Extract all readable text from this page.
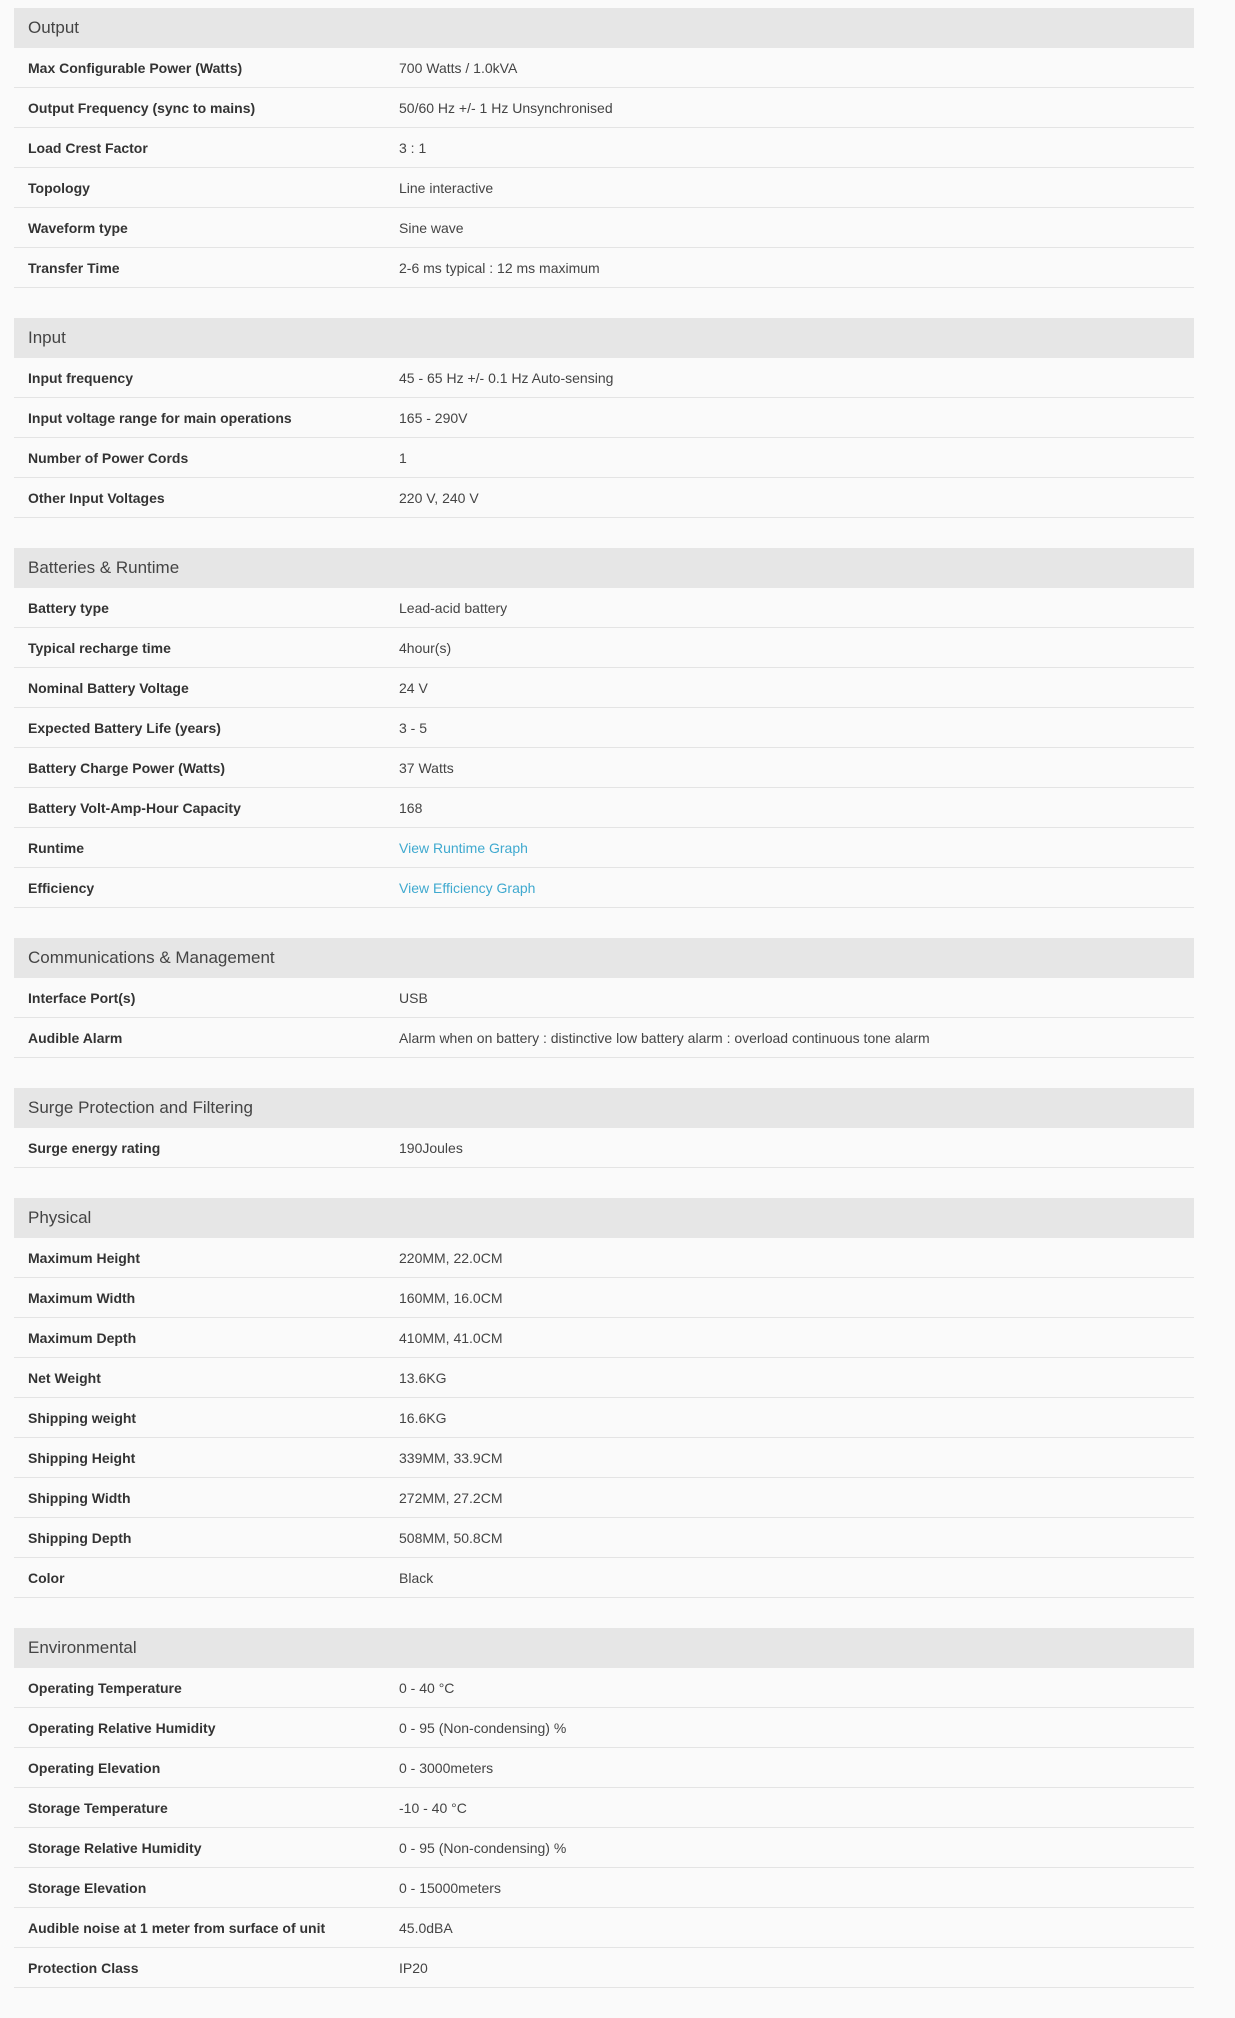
Output
Max Configurable Power (Watts)	700 Watts / 1.0kVA
Output Frequency (sync to mains)	50/60 Hz +/- 1 Hz Unsynchronised
Load Crest Factor	3 : 1
Topology	Line interactive
Waveform type	Sine wave
Transfer Time	2-6 ms typical : 12 ms maximum
Input
Input frequency	45 - 65 Hz +/- 0.1 Hz Auto-sensing
Input voltage range for main operations	165 - 290V
Number of Power Cords	1
Other Input Voltages	220 V, 240 V
Batteries & Runtime
Battery type	Lead-acid battery
Typical recharge time	4hour(s)
Nominal Battery Voltage	24 V
Expected Battery Life (years)	3 - 5
Battery Charge Power (Watts)	37 Watts
Battery Volt-Amp-Hour Capacity	168
Runtime	View Runtime Graph
Efficiency	View Efficiency Graph
Communications & Management
Interface Port(s)	USB
Audible Alarm	Alarm when on battery : distinctive low battery alarm : overload continuous tone alarm
Surge Protection and Filtering
Surge energy rating	190Joules
Physical
Maximum Height	220MM, 22.0CM
Maximum Width	160MM, 16.0CM
Maximum Depth	410MM, 41.0CM
Net Weight	13.6KG
Shipping weight	16.6KG
Shipping Height	339MM, 33.9CM
Shipping Width	272MM, 27.2CM
Shipping Depth	508MM, 50.8CM
Color	Black
Environmental
Operating Temperature	0 - 40 °C
Operating Relative Humidity	0 - 95 (Non-condensing) %
Operating Elevation	0 - 3000meters
Storage Temperature	-10 - 40 °C
Storage Relative Humidity	0 - 95 (Non-condensing) %
Storage Elevation	0 - 15000meters
Audible noise at 1 meter from surface of unit	45.0dBA
Protection Class	IP20
